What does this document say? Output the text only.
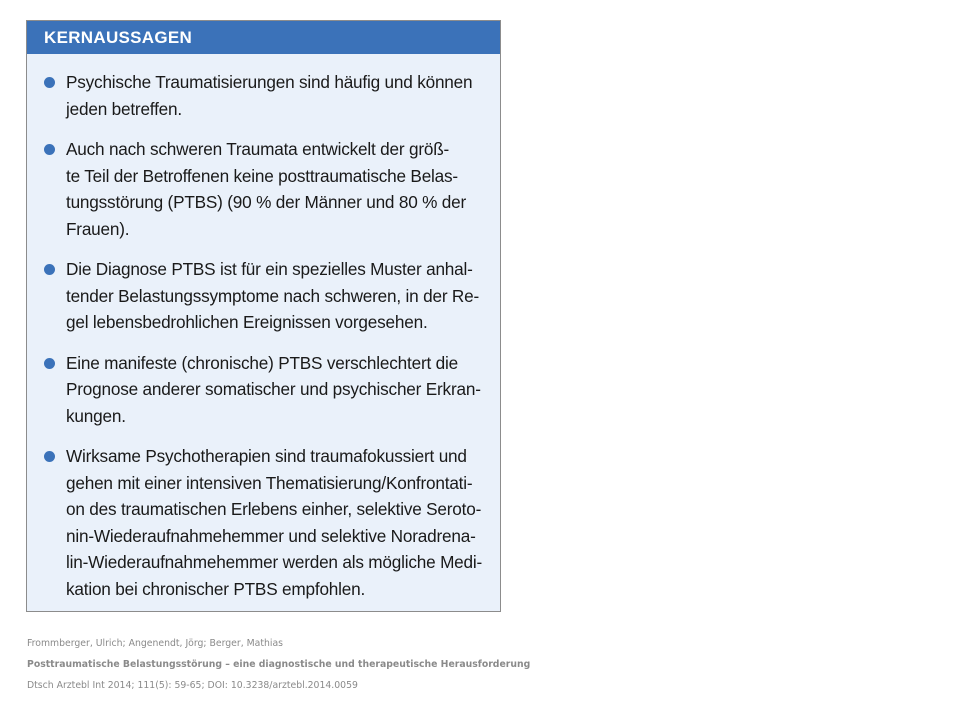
KERNAUSSAGEN
Psychische Traumatisierungen sind häufig und können
jeden betreffen.
Auch nach schweren Traumata entwickelt der größ-
te Teil der Betroffenen keine posttraumatische Belas-
tungsstörung (PTBS) (90 % der Männer und 80 % der
Frauen).
Die Diagnose PTBS ist für ein spezielles Muster anhal-
tender Belastungssymptome nach schweren, in der Re-
gel lebensbedrohlichen Ereignissen vorgesehen.
Eine manifeste (chronische) PTBS verschlechtert die
Prognose anderer somatischer und psychischer Erkran-
kungen.
Wirksame Psychotherapien sind traumafokussiert und
gehen mit einer intensiven Thematisierung/Konfrontati-
on des traumatischen Erlebens einher, selektive Seroto-
nin-Wiederaufnahmehemmer und selektive Noradrena-
lin-Wiederaufnahmehemmer werden als mögliche Medi-
kation bei chronischer PTBS empfohlen.
Frommberger, Ulrich; Angenendt, Jörg; Berger, Mathias
Posttraumatische Belastungsstörung – eine diagnostische und therapeutische Herausforderung
Dtsch Arztebl Int 2014; 111(5): 59-65; DOI: 10.3238/arztebl.2014.0059
